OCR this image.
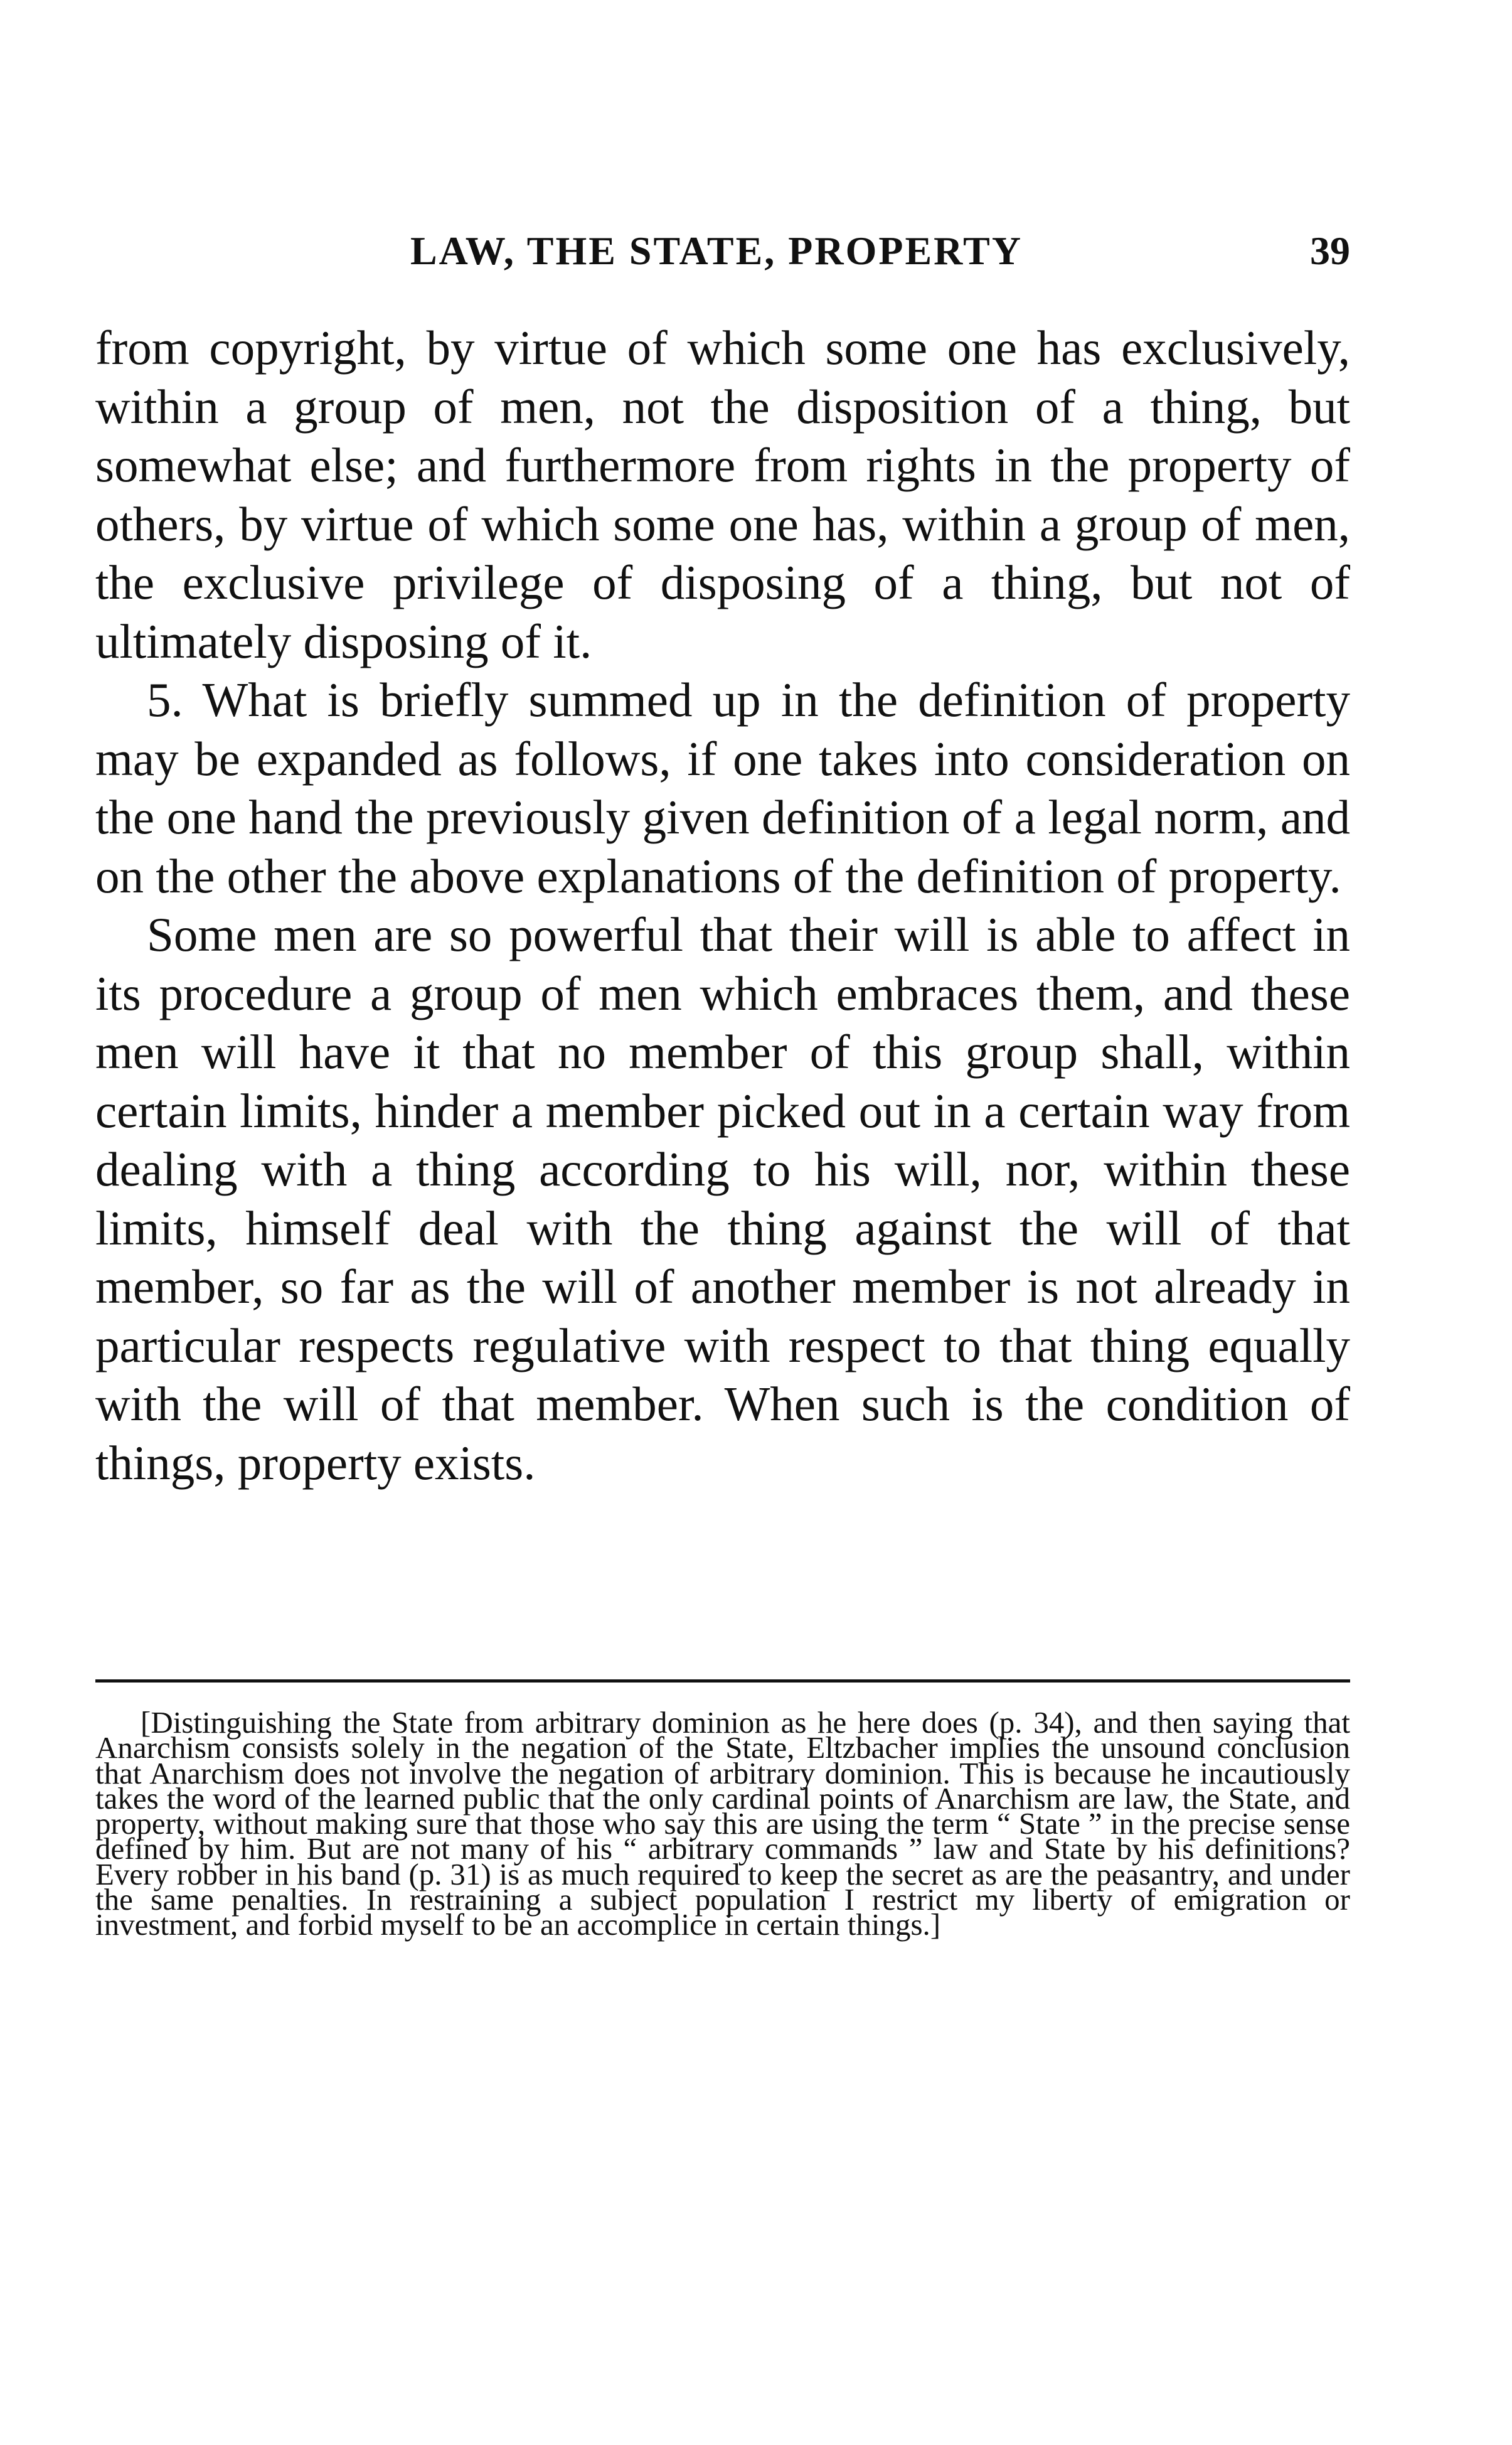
LAW, THE STATE, PROPERTY	39

from copyright, by virtue of which some one has exclusively, within a group of men, not the disposition of a thing, but somewhat else; and furthermore from rights in the property of others, by virtue of which some one has, within a group of men, the exclusive privilege of disposing of a thing, but not of ultimately disposing of it.

5. What is briefly summed up in the definition of property may be expanded as follows, if one takes into consideration on the one hand the previously given definition of a legal norm, and on the other the above explanations of the definition of property.

Some men are so powerful that their will is able to affect in its procedure a group of men which embraces them, and these men will have it that no member of this group shall, within certain limits, hinder a member picked out in a certain way from dealing with a thing according to his will, nor, within these limits, himself deal with the thing against the will of that member, so far as the will of another member is not already in particular respects regulative with respect to that thing equally with the will of that member. When such is the condition of things, property exists.

[Distinguishing the State from arbitrary dominion as he here does (p. 34), and then saying that Anarchism consists solely in the negation of the State, Eltzbacher implies the unsound conclusion that Anarchism does not involve the negation of arbitrary dominion. This is because he incautiously takes the word of the learned public that the only cardinal points of Anarchism are law, the State, and property, without making sure that those who say this are using the term “ State ” in the precise sense defined by him. But are not many of his “ arbitrary commands ” law and State by his definitions? Every robber in his band (p. 31) is as much required to keep the secret as are the peasantry, and under the same penalties. In restraining a subject population I restrict my liberty of emigration or investment, and forbid myself to be an accomplice in certain things.]
